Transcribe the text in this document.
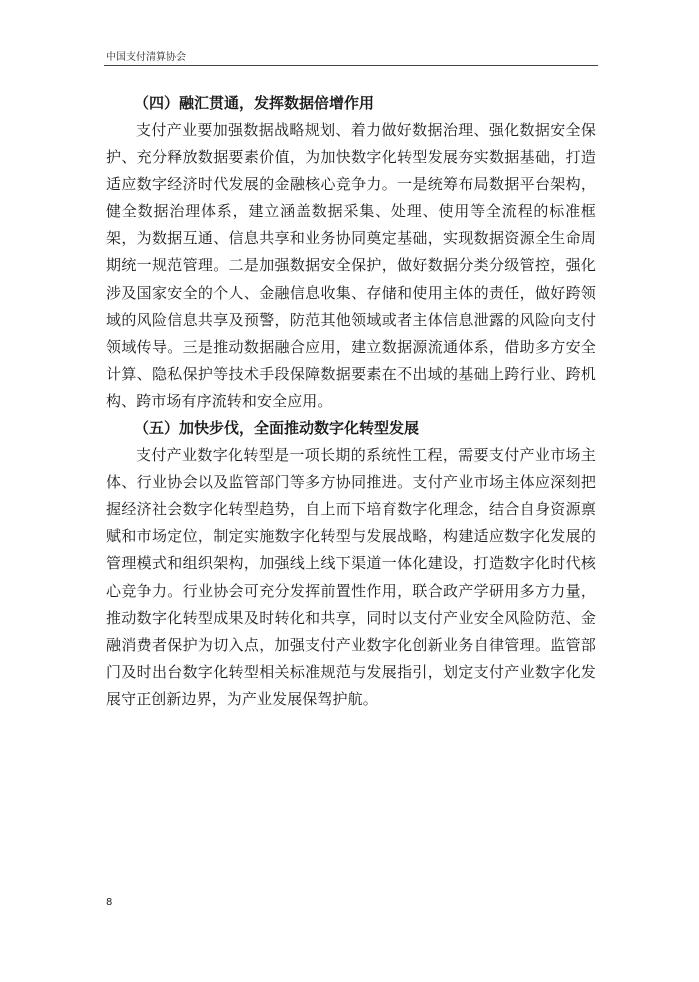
中国支付清算协会
（四）融汇贯通，发挥数据倍增作用

支付产业要加强数据战略规划、着力做好数据治理、强化数据安全保护、充分释放数据要素价值，为加快数字化转型发展夯实数据基础，打造适应数字经济时代发展的金融核心竞争力。一是统筹布局数据平台架构，健全数据治理体系，建立涵盖数据采集、处理、使用等全流程的标准框架，为数据互通、信息共享和业务协同奠定基础，实现数据资源全生命周期统一规范管理。二是加强数据安全保护，做好数据分类分级管控，强化涉及国家安全的个人、金融信息收集、存储和使用主体的责任，做好跨领域的风险信息共享及预警，防范其他领域或者主体信息泄露的风险向支付领域传导。三是推动数据融合应用，建立数据源流通体系，借助多方安全计算、隐私保护等技术手段保障数据要素在不出域的基础上跨行业、跨机构、跨市场有序流转和安全应用。

（五）加快步伐，全面推动数字化转型发展

支付产业数字化转型是一项长期的系统性工程，需要支付产业市场主体、行业协会以及监管部门等多方协同推进。支付产业市场主体应深刻把握经济社会数字化转型趋势，自上而下培育数字化理念，结合自身资源禀赋和市场定位，制定实施数字化转型与发展战略，构建适应数字化发展的管理模式和组织架构，加强线上线下渠道一体化建设，打造数字化时代核心竞争力。行业协会可充分发挥前置性作用，联合政产学研用多方力量，推动数字化转型成果及时转化和共享，同时以支付产业安全风险防范、金融消费者保护为切入点，加强支付产业数字化创新业务自律管理。监管部门及时出台数字化转型相关标准规范与发展指引，划定支付产业数字化发展守正创新边界，为产业发展保驾护航。

8
